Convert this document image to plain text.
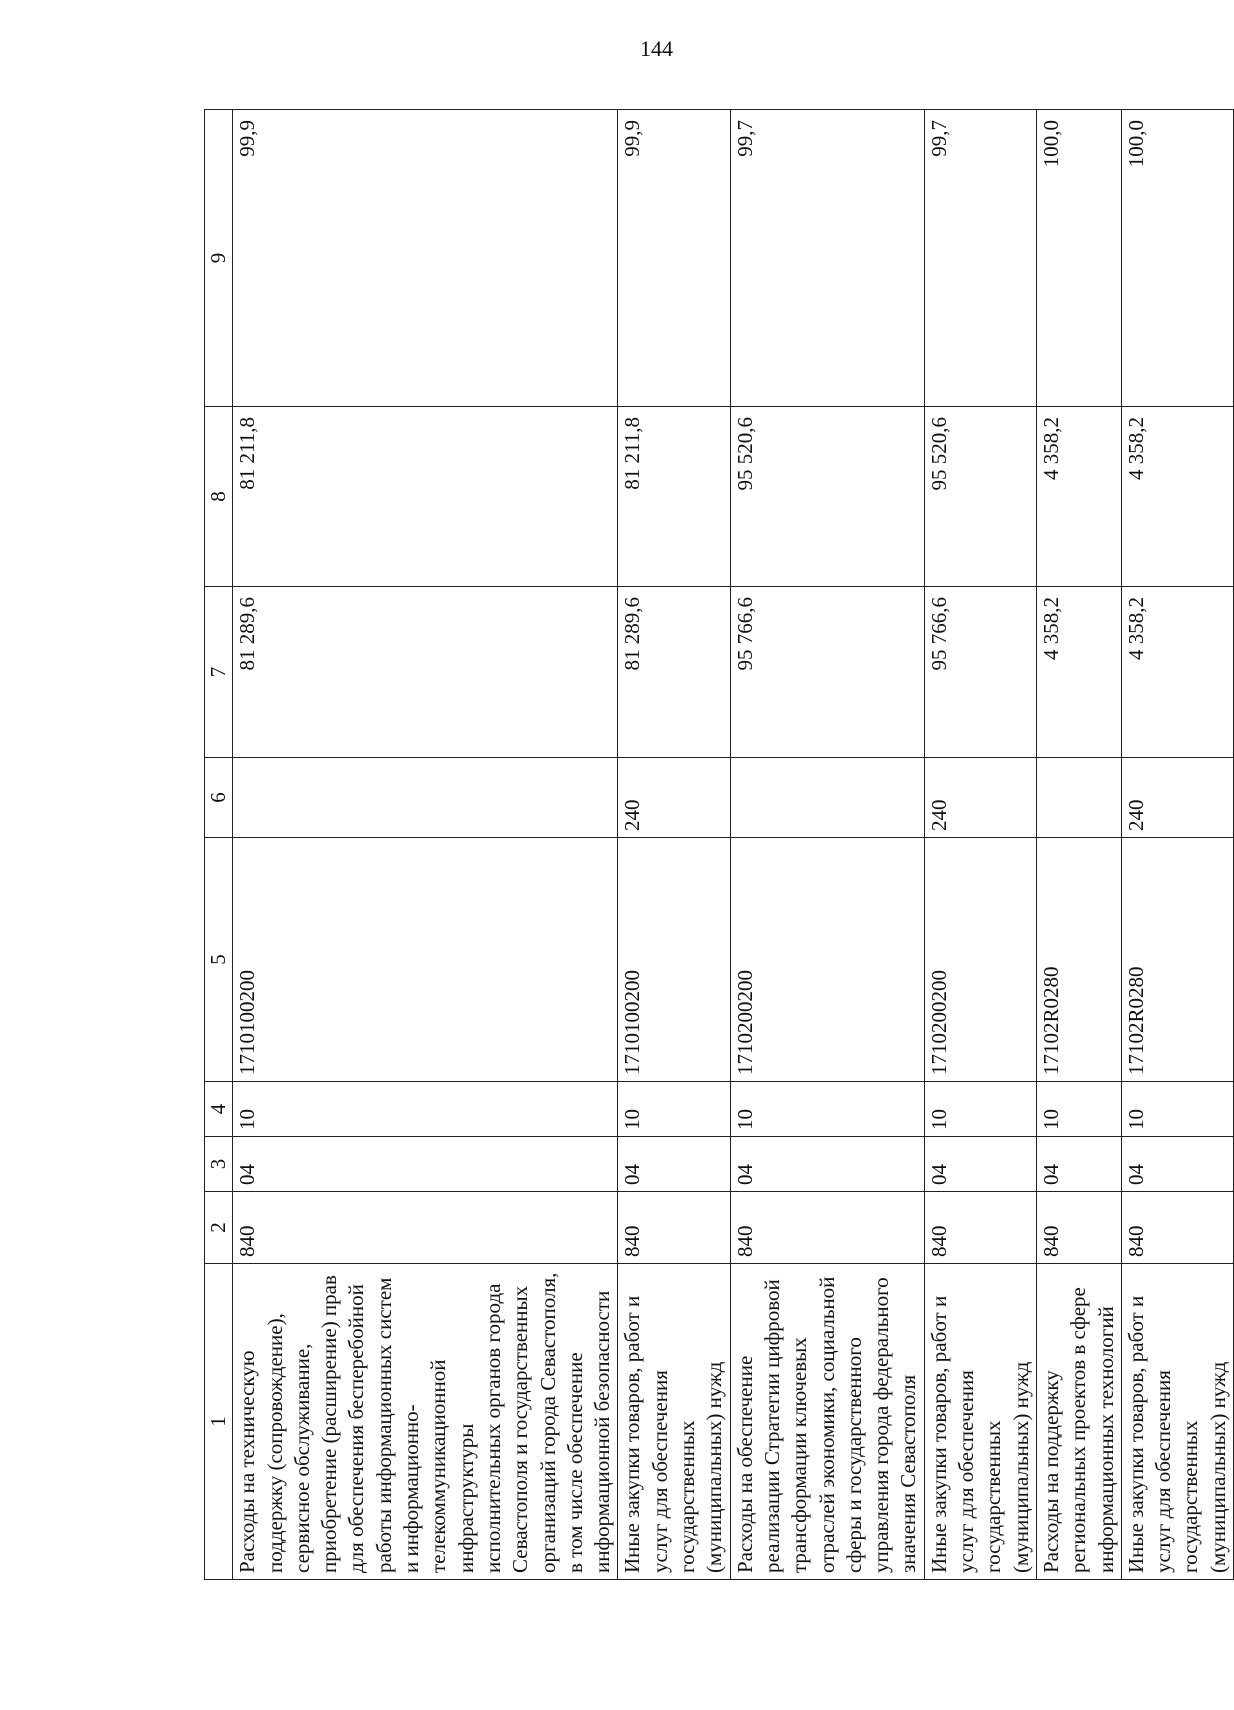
144
1	2	3	4	5	6	7	8	9
Расходы на техническую поддержку (сопровождение), сервисное обслуживание, приобретение (расширение) прав для обеспечения бесперебойной работы информационных систем и информационно-телекоммуникационной инфраструктуры исполнительных органов города Севастополя и государственных организаций города Севастополя, в том числе обеспечение информационной безопасности	840	04	10	1710100200		81 289,6	81 211,8	99,9
Иные закупки товаров, работ и услуг для обеспечения государственных (муниципальных) нужд	840	04	10	1710100200	240	81 289,6	81 211,8	99,9
Расходы на обеспечение реализации Стратегии цифровой трансформации ключевых отраслей экономики, социальной сферы и государственного управления города федерального значения Севастополя	840	04	10	1710200200		95 766,6	95 520,6	99,7
Иные закупки товаров, работ и услуг для обеспечения государственных (муниципальных) нужд	840	04	10	1710200200	240	95 766,6	95 520,6	99,7
Расходы на поддержку региональных проектов в сфере информационных технологий	840	04	10	17102R0280		4 358,2	4 358,2	100,0
Иные закупки товаров, работ и услуг для обеспечения государственных (муниципальных) нужд	840	04	10	17102R0280	240	4 358,2	4 358,2	100,0
